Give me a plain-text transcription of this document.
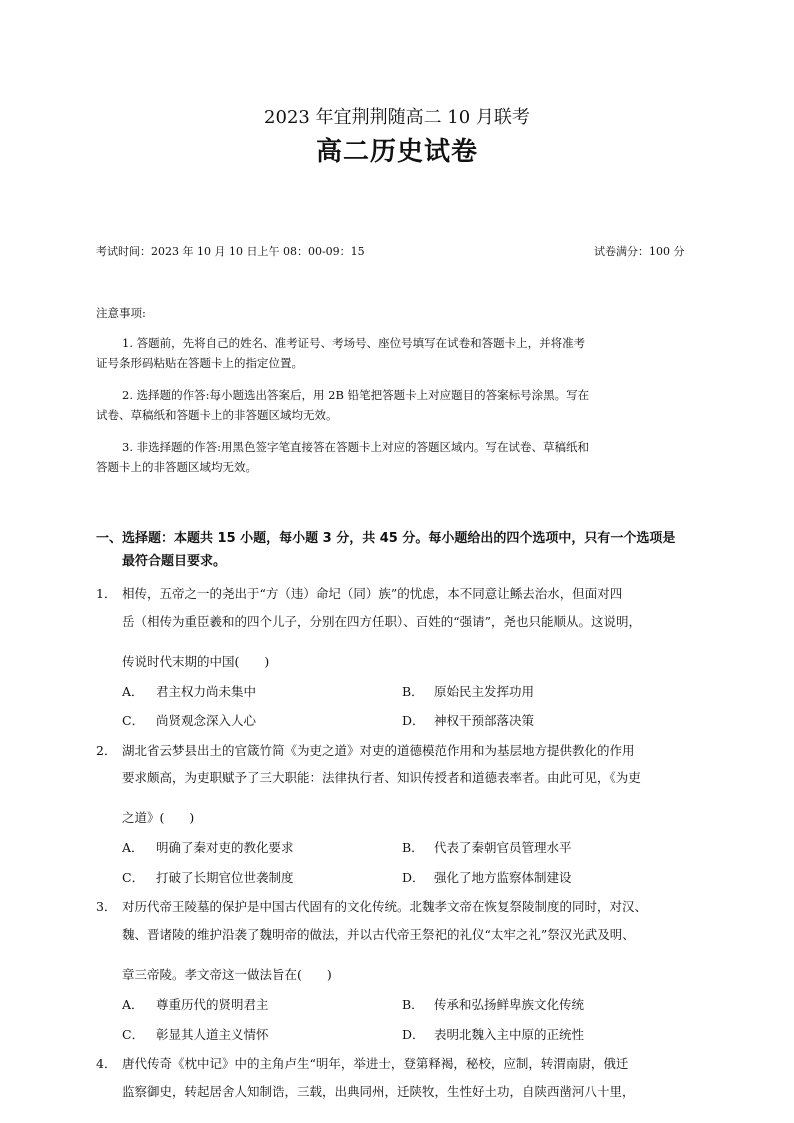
2023 年宜荆荆随高二 10 月联考
高二历史试卷
考试时间：2023 年 10 月 10 日上午 08：00-09：15	试卷满分：100 分
注意事项:
1. 答题前，先将自己的姓名、准考证号、考场号、座位号填写在试卷和答题卡上，并将准考
证号条形码粘贴在答题卡上的指定位置。
2. 选择题的作答:每小题选出答案后，用 2B 铅笔把答题卡上对应题目的答案标号涂黑。写在
试卷、草稿纸和答题卡上的非答题区域均无效。
3. 非选择题的作答:用黑色签字笔直接答在答题卡上对应的答题区域内。写在试卷、草稿纸和
答题卡上的非答题区域均无效。
一、选择题：本题共 15 小题，每小题 3 分，共 45 分。每小题给出的四个选项中，只有一个选项是
最符合题目要求。
1． 相传，五帝之一的尧出于“方（违）命圮（同）族”的忧虑，本不同意让鲧去治水，但面对四
岳（相传为重臣羲和的四个儿子，分别在四方任职）、百姓的“强请”，尧也只能顺从。这说明，
传说时代末期的中国(　　)
A． 君主权力尚未集中	B． 原始民主发挥功用
C． 尚贤观念深入人心	D． 神权干预部落决策
2． 湖北省云梦县出土的官箴竹简《为吏之道》对吏的道德模范作用和为基层地方提供教化的作用
要求颇高，为吏职赋予了三大职能：法律执行者、知识传授者和道德表率者。由此可见，《为吏
之道》(　　)
A． 明确了秦对吏的教化要求	B． 代表了秦朝官员管理水平
C． 打破了长期官位世袭制度	D． 强化了地方监察体制建设
3． 对历代帝王陵墓的保护是中国古代固有的文化传统。北魏孝文帝在恢复祭陵制度的同时，对汉、
魏、晋诸陵的维护沿袭了魏明帝的做法，并以古代帝王祭祀的礼仪“太牢之礼”祭汉光武及明、
章三帝陵。孝文帝这一做法旨在(　　)
A． 尊重历代的贤明君主	B． 传承和弘扬鲜卑族文化传统
C． 彰显其人道主义情怀	D． 表明北魏入主中原的正统性
4． 唐代传奇《枕中记》中的主角卢生“明年，举进士，登第释褐，秘校，应制，转渭南尉，俄迁
监察御史，转起居舍人知制诰，三载，出典同州，迁陕牧，生性好土功，自陕西凿河八十里，
